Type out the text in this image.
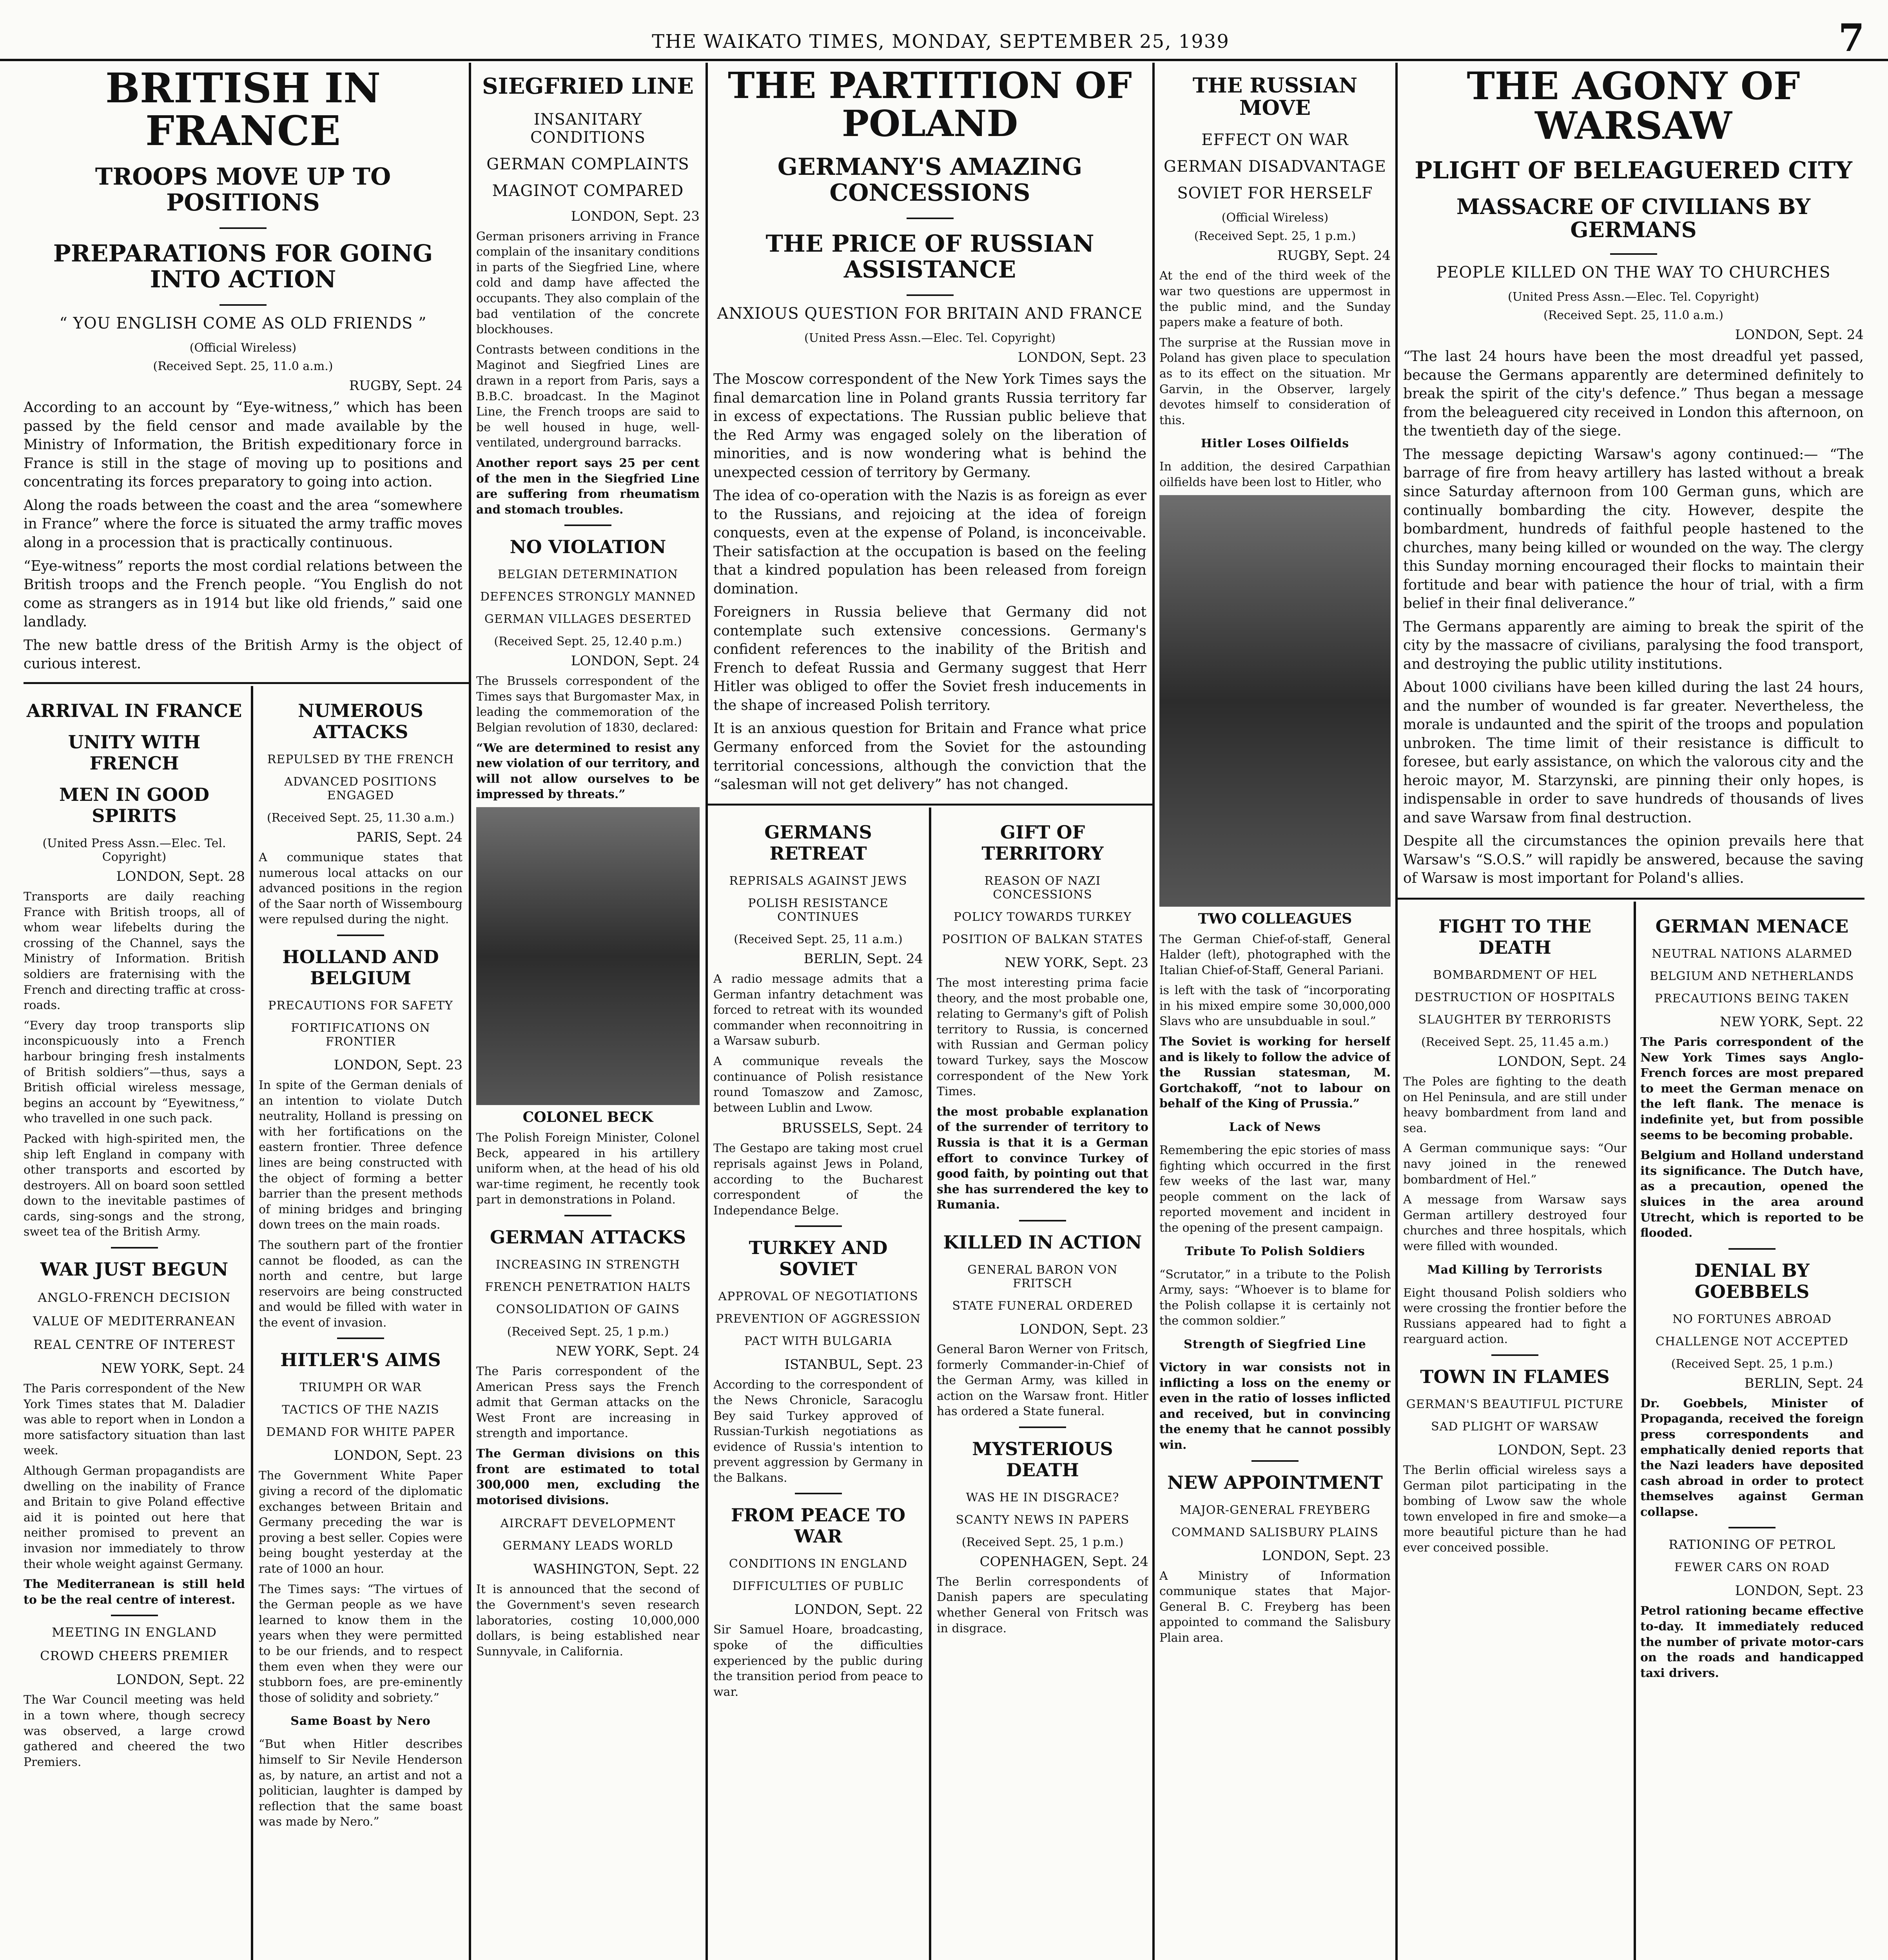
THE WAIKATO TIMES, MONDAY, SEPTEMBER 25, 1939	7
BRITISH IN FRANCE
TROOPS MOVE UP TO POSITIONS
PREPARATIONS FOR GOING INTO ACTION
“ YOU ENGLISH COME AS OLD FRIENDS ”
(Official Wireless)
(Received Sept. 25, 11.0 a.m.)
RUGBY, Sept. 24
According to an account by “Eye-witness,” which has been passed by the field censor and made available by the Ministry of Information, the British expeditionary force in France is still in the stage of moving up to positions and concentrating its forces preparatory to going into action.
Along the roads between the coast and the area “somewhere in France” where the force is situated the army traffic moves along in a procession that is practically continuous.
“Eye-witness” reports the most cordial relations between the British troops and the French people. “You English do not come as strangers as in 1914 but like old friends,” said one landlady.
The new battle dress of the British Army is the object of curious interest.
ARRIVAL IN FRANCE
UNITY WITH FRENCH
MEN IN GOOD SPIRITS
(United Press Assn.—Elec. Tel. Copyright)
LONDON, Sept. 28
Transports are daily reaching France with British troops, all of whom wear lifebelts during the crossing of the Channel, says the Ministry of Information. British soldiers are fraternising with the French and directing traffic at cross-roads.
“Every day troop transports slip inconspicuously into a French harbour bringing fresh instalments of British soldiers”—thus, says a British official wireless message, begins an account by “Eyewitness,” who travelled in one such pack.
Packed with high-spirited men, the ship left England in company with other transports and escorted by destroyers. All on board soon settled down to the inevitable pastimes of cards, sing-songs and the strong, sweet tea of the British Army.
WAR JUST BEGUN
ANGLO-FRENCH DECISION
VALUE OF MEDITERRANEAN
REAL CENTRE OF INTEREST
NEW YORK, Sept. 24
The Paris correspondent of the New York Times states that M. Daladier was able to report when in London a more satisfactory situation than last week.
Although German propagandists are dwelling on the inability of France and Britain to give Poland effective aid it is pointed out here that neither promised to prevent an invasion nor immediately to throw their whole weight against Germany.
The Mediterranean is still held to be the real centre of interest.
MEETING IN ENGLAND
CROWD CHEERS PREMIER
LONDON, Sept. 22
The War Council meeting was held in a town where, though secrecy was observed, a large crowd gathered and cheered the two Premiers.
NUMEROUS ATTACKS
REPULSED BY THE FRENCH
ADVANCED POSITIONS ENGAGED
(Received Sept. 25, 11.30 a.m.)
PARIS, Sept. 24
A communique states that numerous local attacks on our advanced positions in the region of the Saar north of Wissembourg were repulsed during the night.
HOLLAND AND BELGIUM
PRECAUTIONS FOR SAFETY
FORTIFICATIONS ON FRONTIER
LONDON, Sept. 23
In spite of the German denials of an intention to violate Dutch neutrality, Holland is pressing on with her fortifications on the eastern frontier. Three defence lines are being constructed with the object of forming a better barrier than the present methods of mining bridges and bringing down trees on the main roads.
The southern part of the frontier cannot be flooded, as can the north and centre, but large reservoirs are being constructed and would be filled with water in the event of invasion.
HITLER'S AIMS
TRIUMPH OR WAR
TACTICS OF THE NAZIS
DEMAND FOR WHITE PAPER
LONDON, Sept. 23
The Government White Paper giving a record of the diplomatic exchanges between Britain and Germany preceding the war is proving a best seller. Copies were being bought yesterday at the rate of 1000 an hour.
The Times says: “The virtues of the German people as we have learned to know them in the years when they were permitted to be our friends, and to respect them even when they were our stubborn foes, are pre-eminently those of solidity and sobriety.”
Same Boast by Nero
“But when Hitler describes himself to Sir Nevile Henderson as, by nature, an artist and not a politician, laughter is damped by reflection that the same boast was made by Nero.”
SIEGFRIED LINE
INSANITARY CONDITIONS
GERMAN COMPLAINTS
MAGINOT COMPARED
LONDON, Sept. 23
German prisoners arriving in France complain of the insanitary conditions in parts of the Siegfried Line, where cold and damp have affected the occupants. They also complain of the bad ventilation of the concrete blockhouses.
Contrasts between conditions in the Maginot and Siegfried Lines are drawn in a report from Paris, says a B.B.C. broadcast. In the Maginot Line, the French troops are said to be well housed in huge, well-ventilated, underground barracks.
Another report says 25 per cent of the men in the Siegfried Line are suffering from rheumatism and stomach troubles.
NO VIOLATION
BELGIAN DETERMINATION
DEFENCES STRONGLY MANNED
GERMAN VILLAGES DESERTED
(Received Sept. 25, 12.40 p.m.)
LONDON, Sept. 24
The Brussels correspondent of the Times says that Burgomaster Max, in leading the commemoration of the Belgian revolution of 1830, declared:
“We are determined to resist any new violation of our territory, and will not allow ourselves to be impressed by threats.”
COLONEL BECK
The Polish Foreign Minister, Colonel Beck, appeared in his artillery uniform when, at the head of his old war-time regiment, he recently took part in demonstrations in Poland.
GERMAN ATTACKS
INCREASING IN STRENGTH
FRENCH PENETRATION HALTS
CONSOLIDATION OF GAINS
(Received Sept. 25, 1 p.m.)
NEW YORK, Sept. 24
The Paris correspondent of the American Press says the French admit that German attacks on the West Front are increasing in strength and importance.
The German divisions on this front are estimated to total 300,000 men, excluding the motorised divisions.
AIRCRAFT DEVELOPMENT
GERMANY LEADS WORLD
WASHINGTON, Sept. 22
It is announced that the second of the Government's seven research laboratories, costing 10,000,000 dollars, is being established near Sunnyvale, in California.
THE PARTITION OF POLAND
GERMANY'S AMAZING CONCESSIONS
THE PRICE OF RUSSIAN ASSISTANCE
ANXIOUS QUESTION FOR BRITAIN AND FRANCE
(United Press Assn.—Elec. Tel. Copyright)
LONDON, Sept. 23
The Moscow correspondent of the New York Times says the final demarcation line in Poland grants Russia territory far in excess of expectations. The Russian public believe that the Red Army was engaged solely on the liberation of minorities, and is now wondering what is behind the unexpected cession of territory by Germany.
The idea of co-operation with the Nazis is as foreign as ever to the Russians, and rejoicing at the idea of foreign conquests, even at the expense of Poland, is inconceivable. Their satisfaction at the occupation is based on the feeling that a kindred population has been released from foreign domination.
Foreigners in Russia believe that Germany did not contemplate such extensive concessions. Germany's confident references to the inability of the British and French to defeat Russia and Germany suggest that Herr Hitler was obliged to offer the Soviet fresh inducements in the shape of increased Polish territory.
It is an anxious question for Britain and France what price Germany enforced from the Soviet for the astounding territorial concessions, although the conviction that the “salesman will not get delivery” has not changed.
GERMANS RETREAT
REPRISALS AGAINST JEWS
POLISH RESISTANCE CONTINUES
(Received Sept. 25, 11 a.m.)
BERLIN, Sept. 24
A radio message admits that a German infantry detachment was forced to retreat with its wounded commander when reconnoitring in a Warsaw suburb.
A communique reveals the continuance of Polish resistance round Tomaszow and Zamosc, between Lublin and Lwow.
BRUSSELS, Sept. 24
The Gestapo are taking most cruel reprisals against Jews in Poland, according to the Bucharest correspondent of the Independance Belge.
TURKEY AND SOVIET
APPROVAL OF NEGOTIATIONS
PREVENTION OF AGGRESSION
PACT WITH BULGARIA
ISTANBUL, Sept. 23
According to the correspondent of the News Chronicle, Saracoglu Bey said Turkey approved of Russian-Turkish negotiations as evidence of Russia's intention to prevent aggression by Germany in the Balkans.
FROM PEACE TO WAR
CONDITIONS IN ENGLAND
DIFFICULTIES OF PUBLIC
LONDON, Sept. 22
Sir Samuel Hoare, broadcasting, spoke of the difficulties experienced by the public during the transition period from peace to war.
GIFT OF TERRITORY
REASON OF NAZI CONCESSIONS
POLICY TOWARDS TURKEY
POSITION OF BALKAN STATES
NEW YORK, Sept. 23
The most interesting prima facie theory, and the most probable one, relating to Germany's gift of Polish territory to Russia, is concerned with Russian and German policy toward Turkey, says the Moscow correspondent of the New York Times.
the most probable explanation of the surrender of territory to Russia is that it is a German effort to convince Turkey of good faith, by pointing out that she has surrendered the key to Rumania.
KILLED IN ACTION
GENERAL BARON VON FRITSCH
STATE FUNERAL ORDERED
LONDON, Sept. 23
General Baron Werner von Fritsch, formerly Commander-in-Chief of the German Army, was killed in action on the Warsaw front. Hitler has ordered a State funeral.
MYSTERIOUS DEATH
WAS HE IN DISGRACE?
SCANTY NEWS IN PAPERS
(Received Sept. 25, 1 p.m.)
COPENHAGEN, Sept. 24
The Berlin correspondents of Danish papers are speculating whether General von Fritsch was in disgrace.
THE RUSSIAN MOVE
EFFECT ON WAR
GERMAN DISADVANTAGE
SOVIET FOR HERSELF
(Official Wireless)
(Received Sept. 25, 1 p.m.)
RUGBY, Sept. 24
At the end of the third week of the war two questions are uppermost in the public mind, and the Sunday papers make a feature of both.
The surprise at the Russian move in Poland has given place to speculation as to its effect on the situation. Mr Garvin, in the Observer, largely devotes himself to consideration of this.
Hitler Loses Oilfields
In addition, the desired Carpathian oilfields have been lost to Hitler, who
TWO COLLEAGUES
The German Chief-of-staff, General Halder (left), photographed with the Italian Chief-of-Staff, General Pariani.
is left with the task of “incorporating in his mixed empire some 30,000,000 Slavs who are unsubduable in soul.”
The Soviet is working for herself and is likely to follow the advice of the Russian statesman, M. Gortchakoff, “not to labour on behalf of the King of Prussia.”
Lack of News
Remembering the epic stories of mass fighting which occurred in the first few weeks of the last war, many people comment on the lack of reported movement and incident in the opening of the present campaign.
Tribute To Polish Soldiers
“Scrutator,” in a tribute to the Polish Army, says: “Whoever is to blame for the Polish collapse it is certainly not the common soldier.”
Strength of Siegfried Line
Victory in war consists not in inflicting a loss on the enemy or even in the ratio of losses inflicted and received, but in convincing the enemy that he cannot possibly win.
NEW APPOINTMENT
MAJOR-GENERAL FREYBERG
COMMAND SALISBURY PLAINS
LONDON, Sept. 23
A Ministry of Information communique states that Major-General B. C. Freyberg has been appointed to command the Salisbury Plain area.
THE AGONY OF WARSAW
PLIGHT OF BELEAGUERED CITY
MASSACRE OF CIVILIANS BY GERMANS
PEOPLE KILLED ON THE WAY TO CHURCHES
(United Press Assn.—Elec. Tel. Copyright)
(Received Sept. 25, 11.0 a.m.)
LONDON, Sept. 24
“The last 24 hours have been the most dreadful yet passed, because the Germans apparently are determined definitely to break the spirit of the city's defence.” Thus began a message from the beleaguered city received in London this afternoon, on the twentieth day of the siege.
The message depicting Warsaw's agony continued:— “The barrage of fire from heavy artillery has lasted without a break since Saturday afternoon from 100 German guns, which are continually bombarding the city. However, despite the bombardment, hundreds of faithful people hastened to the churches, many being killed or wounded on the way. The clergy this Sunday morning encouraged their flocks to maintain their fortitude and bear with patience the hour of trial, with a firm belief in their final deliverance.”
The Germans apparently are aiming to break the spirit of the city by the massacre of civilians, paralysing the food transport, and destroying the public utility institutions.
About 1000 civilians have been killed during the last 24 hours, and the number of wounded is far greater. Nevertheless, the morale is undaunted and the spirit of the troops and population unbroken. The time limit of their resistance is difficult to foresee, but early assistance, on which the valorous city and the heroic mayor, M. Starzynski, are pinning their only hopes, is indispensable in order to save hundreds of thousands of lives and save Warsaw from final destruction.
Despite all the circumstances the opinion prevails here that Warsaw's “S.O.S.” will rapidly be answered, because the saving of Warsaw is most important for Poland's allies.
FIGHT TO THE DEATH
BOMBARDMENT OF HEL
DESTRUCTION OF HOSPITALS
SLAUGHTER BY TERRORISTS
(Received Sept. 25, 11.45 a.m.)
LONDON, Sept. 24
The Poles are fighting to the death on Hel Peninsula, and are still under heavy bombardment from land and sea.
A German communique says: “Our navy joined in the renewed bombardment of Hel.”
A message from Warsaw says German artillery destroyed four churches and three hospitals, which were filled with wounded.
Mad Killing by Terrorists
Eight thousand Polish soldiers who were crossing the frontier before the Russians appeared had to fight a rearguard action.
TOWN IN FLAMES
GERMAN'S BEAUTIFUL PICTURE
SAD PLIGHT OF WARSAW
LONDON, Sept. 23
The Berlin official wireless says a German pilot participating in the bombing of Lwow saw the whole town enveloped in fire and smoke—a more beautiful picture than he had ever conceived possible.
GERMAN MENACE
NEUTRAL NATIONS ALARMED
BELGIUM AND NETHERLANDS
PRECAUTIONS BEING TAKEN
NEW YORK, Sept. 22
The Paris correspondent of the New York Times says Anglo-French forces are most prepared to meet the German menace on the left flank. The menace is indefinite yet, but from possible seems to be becoming probable.
Belgium and Holland understand its significance. The Dutch have, as a precaution, opened the sluices in the area around Utrecht, which is reported to be flooded.
DENIAL BY GOEBBELS
NO FORTUNES ABROAD
CHALLENGE NOT ACCEPTED
(Received Sept. 25, 1 p.m.)
BERLIN, Sept. 24
Dr. Goebbels, Minister of Propaganda, received the foreign press correspondents and emphatically denied reports that the Nazi leaders have deposited cash abroad in order to protect themselves against German collapse.
RATIONING OF PETROL
FEWER CARS ON ROAD
LONDON, Sept. 23
Petrol rationing became effective to-day. It immediately reduced the number of private motor-cars on the roads and handicapped taxi drivers.
